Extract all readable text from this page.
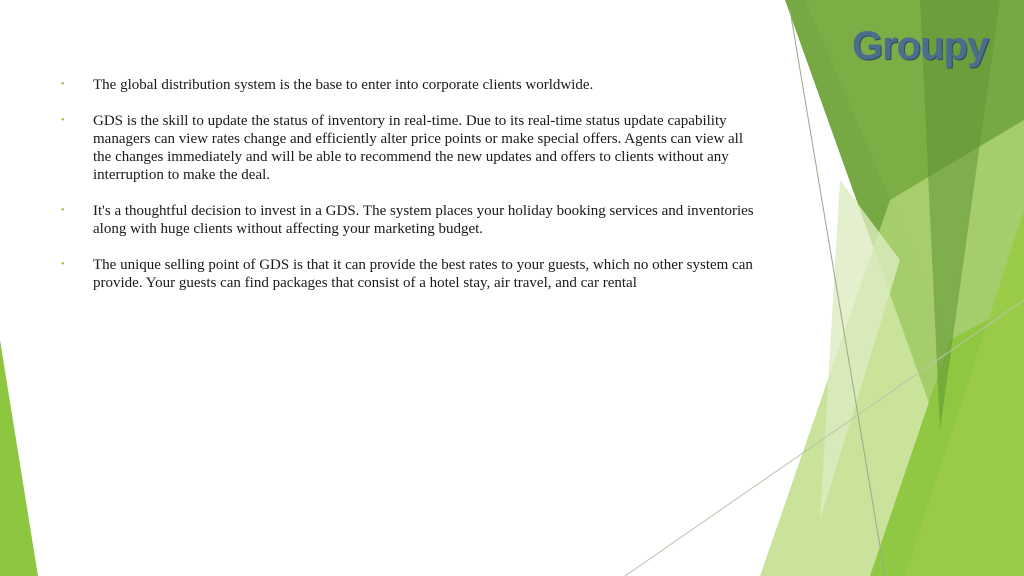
Groupy
• The global distribution system is the base to enter into corporate clients worldwide.
• GDS is the skill to update the status of inventory in real-time. Due to its real-time status update capability managers can view rates change and efficiently alter price points or make special offers. Agents can view all the changes immediately and will be able to recommend the new updates and offers to clients without any interruption to make the deal.
• It's a thoughtful decision to invest in a GDS. The system places your holiday booking services and inventories along with huge clients without affecting your marketing budget.
• The unique selling point of GDS is that it can provide the best rates to your guests, which no other system can provide. Your guests can find packages that consist of a hotel stay, air travel, and car rental
